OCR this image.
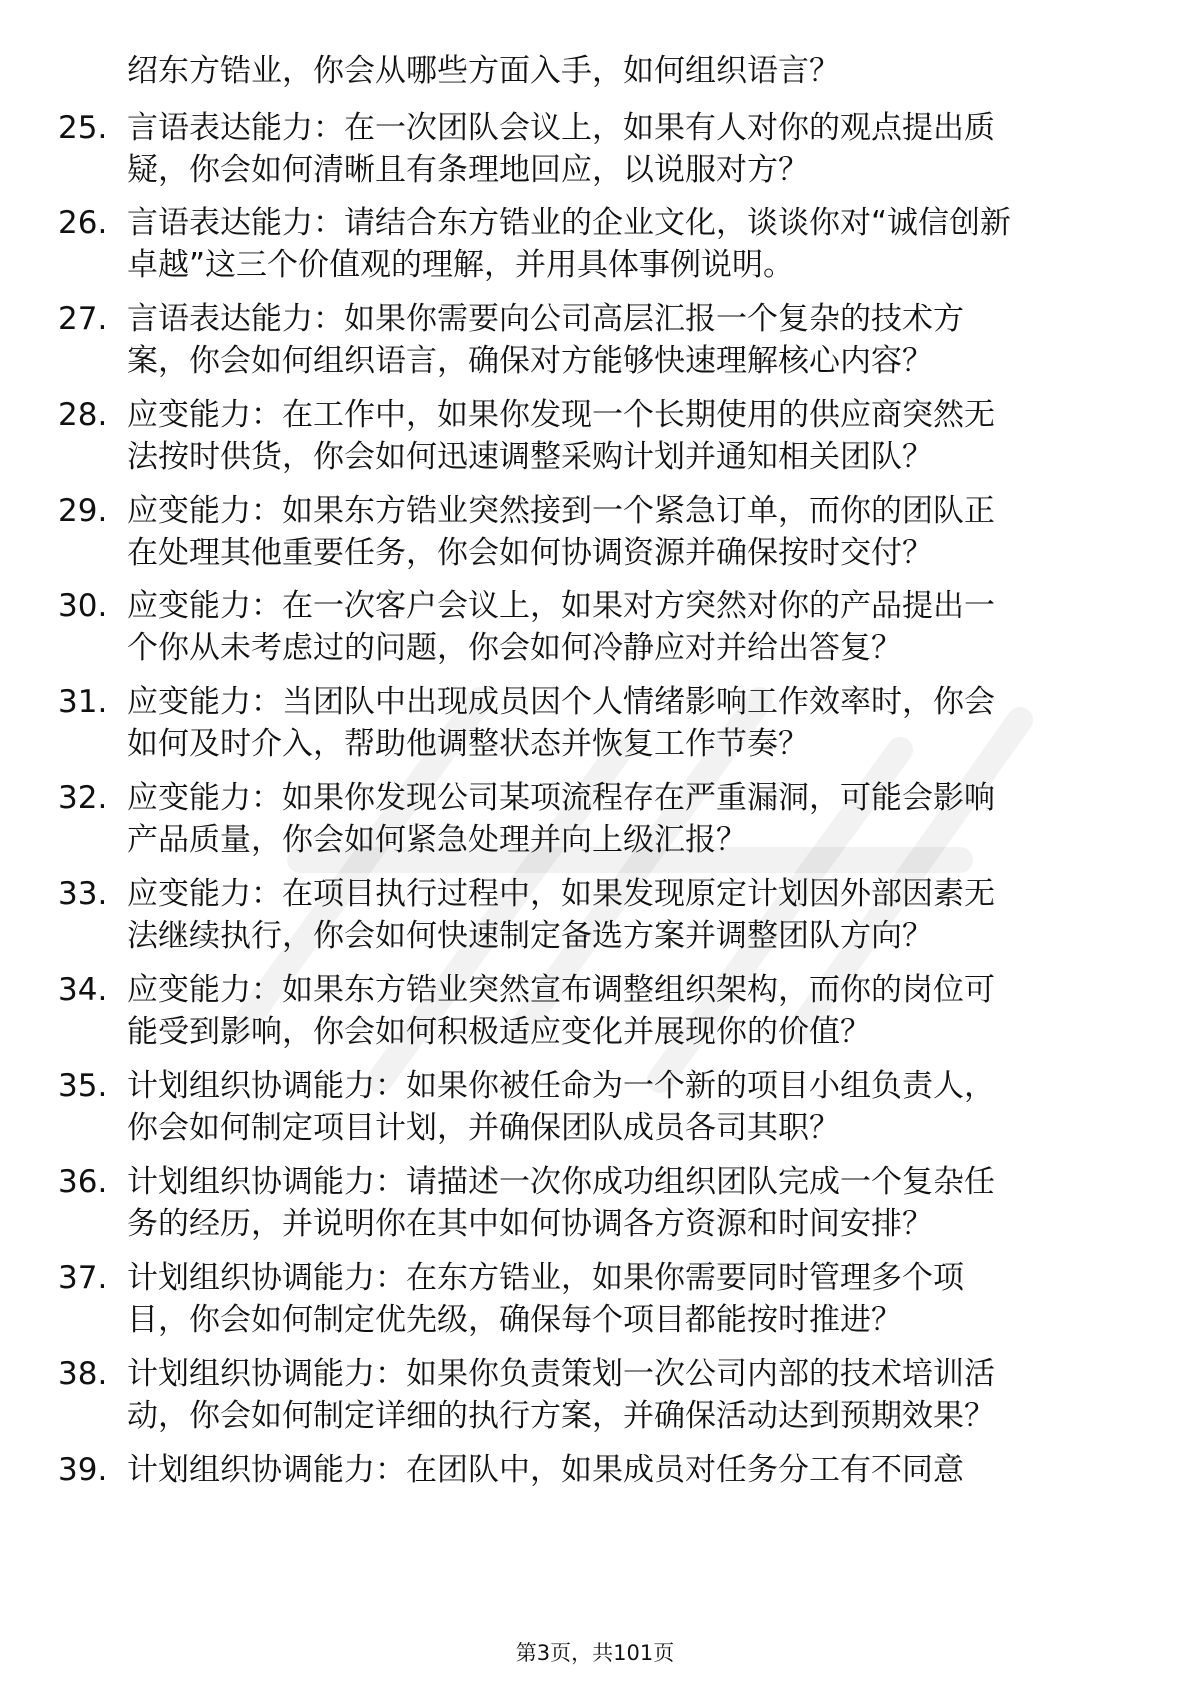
绍东方锆业，你会从哪些方面入手，如何组织语言？

25. 言语表达能力：在一次团队会议上，如果有人对你的观点提出质
疑，你会如何清晰且有条理地回应，以说服对方？

26. 言语表达能力：请结合东方锆业的企业文化，谈谈你对“诚信创新
卓越”这三个价值观的理解，并用具体事例说明。

27. 言语表达能力：如果你需要向公司高层汇报一个复杂的技术方
案，你会如何组织语言，确保对方能够快速理解核心内容？

28. 应变能力：在工作中，如果你发现一个长期使用的供应商突然无
法按时供货，你会如何迅速调整采购计划并通知相关团队？

29. 应变能力：如果东方锆业突然接到一个紧急订单，而你的团队正
在处理其他重要任务，你会如何协调资源并确保按时交付？

30. 应变能力：在一次客户会议上，如果对方突然对你的产品提出一
个你从未考虑过的问题，你会如何冷静应对并给出答复？

31. 应变能力：当团队中出现成员因个人情绪影响工作效率时，你会
如何及时介入，帮助他调整状态并恢复工作节奏？

32. 应变能力：如果你发现公司某项流程存在严重漏洞，可能会影响
产品质量，你会如何紧急处理并向上级汇报？

33. 应变能力：在项目执行过程中，如果发现原定计划因外部因素无
法继续执行，你会如何快速制定备选方案并调整团队方向？

34. 应变能力：如果东方锆业突然宣布调整组织架构，而你的岗位可
能受到影响，你会如何积极适应变化并展现你的价值？

35. 计划组织协调能力：如果你被任命为一个新的项目小组负责人，
你会如何制定项目计划，并确保团队成员各司其职？

36. 计划组织协调能力：请描述一次你成功组织团队完成一个复杂任
务的经历，并说明你在其中如何协调各方资源和时间安排？

37. 计划组织协调能力：在东方锆业，如果你需要同时管理多个项
目，你会如何制定优先级，确保每个项目都能按时推进？

38. 计划组织协调能力：如果你负责策划一次公司内部的技术培训活
动，你会如何制定详细的执行方案，并确保活动达到预期效果？

39. 计划组织协调能力：在团队中，如果成员对任务分工有不同意

第3页，共101页
